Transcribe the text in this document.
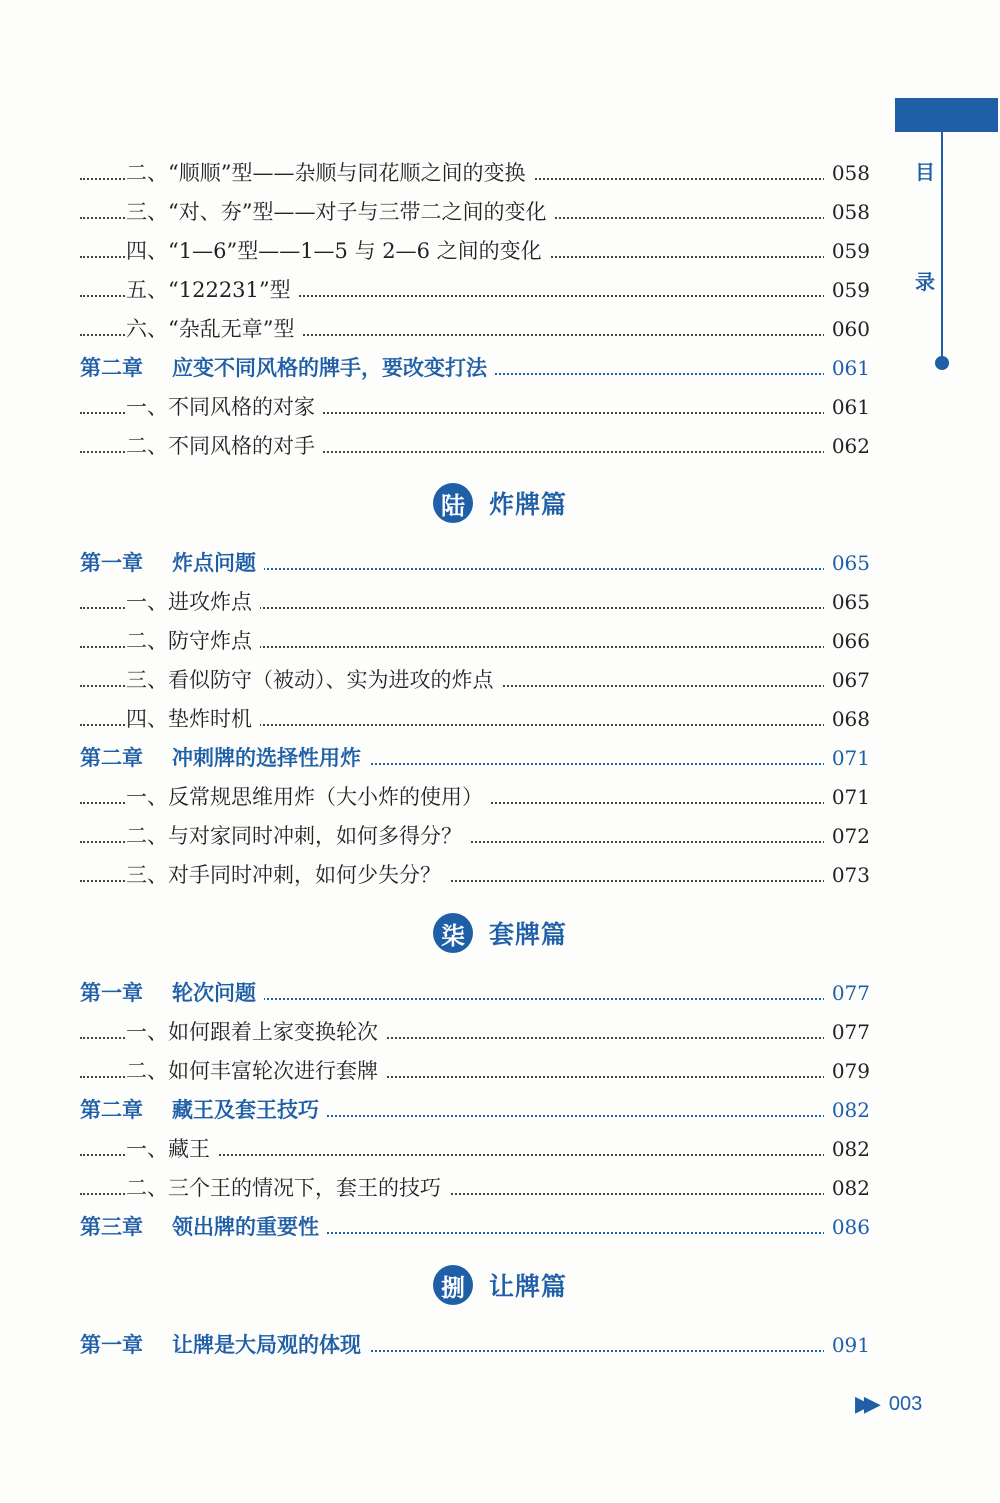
目
录
二、“顺顺”型——杂顺与同花顺之间的变换	058
三、“对、夯”型——对子与三带二之间的变化	058
四、“1—6”型——1—5 与 2—6 之间的变化	059
五、“122231”型	059
六、“杂乱无章”型	060
第二章 应变不同风格的牌手，要改变打法	061
一、不同风格的对家	061
二、不同风格的对手	062
陆 炸牌篇
第一章 炸点问题	065
一、进攻炸点	065
二、防守炸点	066
三、看似防守（被动）、实为进攻的炸点	067
四、垫炸时机	068
第二章 冲刺牌的选择性用炸	071
一、反常规思维用炸（大小炸的使用）	071
二、与对家同时冲刺，如何多得分？	072
三、对手同时冲刺，如何少失分？	073
柒 套牌篇
第一章 轮次问题	077
一、如何跟着上家变换轮次	077
二、如何丰富轮次进行套牌	079
第二章 藏王及套王技巧	082
一、藏王	082
二、三个王的情况下，套王的技巧	082
第三章 领出牌的重要性	086
捌 让牌篇
第一章 让牌是大局观的体现	091
▶▶ 003
